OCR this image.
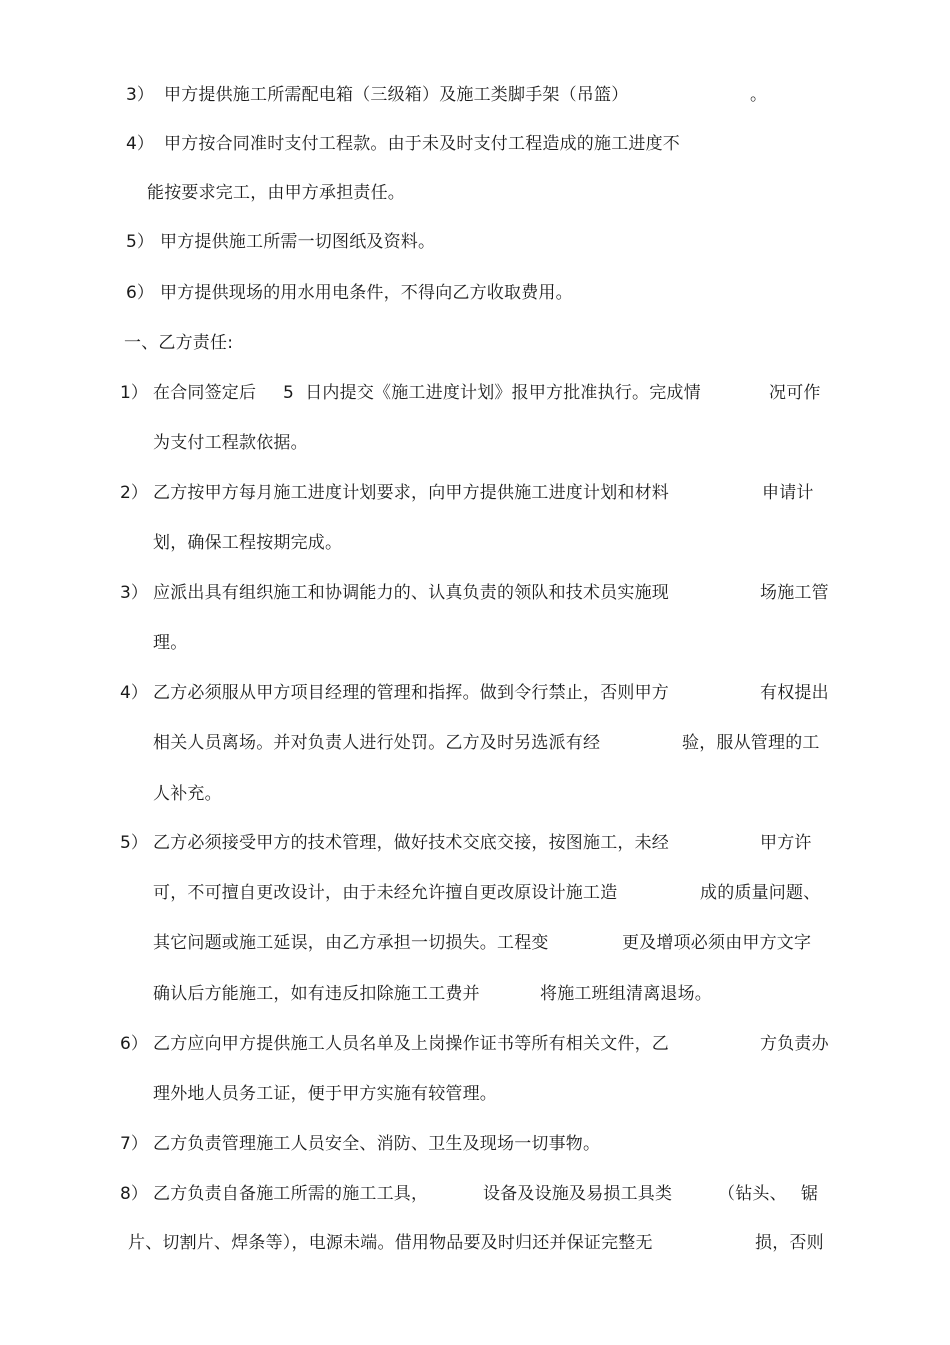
3） 甲方提供施工所需配电箱（三级箱）及施工类脚手架（吊篮）	。
4） 甲方按合同准时支付工程款。由于未及时支付工程造成的施工进度不
能按要求完工，由甲方承担责任。
5） 甲方提供施工所需一切图纸及资料。
6） 甲方提供现场的用水用电条件，不得向乙方收取费用。
一、乙方责任:
1） 在合同签定后 5  日内提交《施工进度计划》报甲方批准执行。完成情	况可作
为支付工程款依据。
2） 乙方按甲方每月施工进度计划要求，向甲方提供施工进度计划和材料	申请计
划，确保工程按期完成。
3） 应派出具有组织施工和协调能力的、认真负责的领队和技术员实施现	场施工管
理。
4） 乙方必须服从甲方项目经理的管理和指挥。做到令行禁止，否则甲方	有权提出
相关人员离场。并对负责人进行处罚。乙方及时另选派有经	验，服从管理的工
人补充。
5） 乙方必须接受甲方的技术管理，做好技术交底交接，按图施工，未经	甲方许
可，不可擅自更改设计，由于未经允许擅自更改原设计施工造	成的质量问题、
其它问题或施工延误，由乙方承担一切损失。工程变	更及增项必须由甲方文字
确认后方能施工，如有违反扣除施工工费并	将施工班组清离退场。
6） 乙方应向甲方提供施工人员名单及上岗操作证书等所有相关文件，乙	方负责办
理外地人员务工证，便于甲方实施有较管理。
7） 乙方负责管理施工人员安全、消防、卫生及现场一切事物。
8） 乙方负责自备施工所需的施工工具，	设备及设施及易损工具类	（钻头、 锯
片、切割片、焊条等），电源未端。借用物品要及时归还并保证完整无	损，否则
